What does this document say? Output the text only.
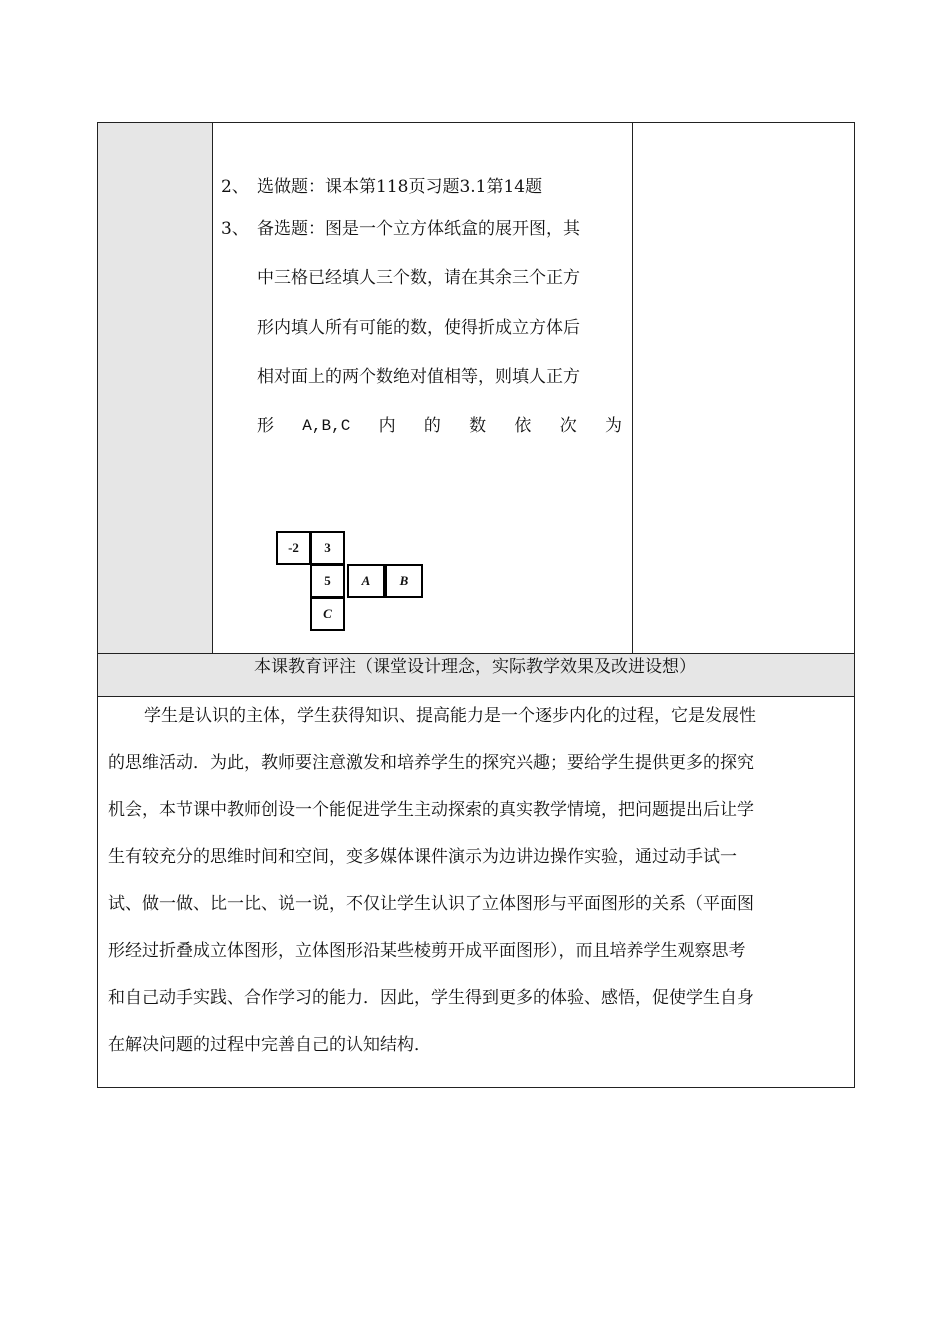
2、 选做题：课本第118页习题3.1第14题
3、 备选题：图是一个立方体纸盒的展开图，其
中三格已经填人三个数，请在其余三个正方
形内填人所有可能的数，使得折成立方体后
相对面上的两个数绝对值相等，则填人正方
形 A,B,C 内 的 数 依 次 为
-2	3
5	A	B
C
本课教育评注（课堂设计理念，实际教学效果及改进设想）
学生是认识的主体，学生获得知识、提高能力是一个逐步内化的过程，它是发展性
的思维活动．为此，教师要注意激发和培养学生的探究兴趣；要给学生提供更多的探究
机会，本节课中教师创设一个能促进学生主动探索的真实教学情境，把问题提出后让学
生有较充分的思维时间和空间，变多媒体课件演示为边讲边操作实验，通过动手试一
试、做一做、比一比、说一说，不仅让学生认识了立体图形与平面图形的关系（平面图
形经过折叠成立体图形，立体图形沿某些棱剪开成平面图形），而且培养学生观察思考
和自己动手实践、合作学习的能力．因此，学生得到更多的体验、感悟，促使学生自身
在解决问题的过程中完善自己的认知结构．
